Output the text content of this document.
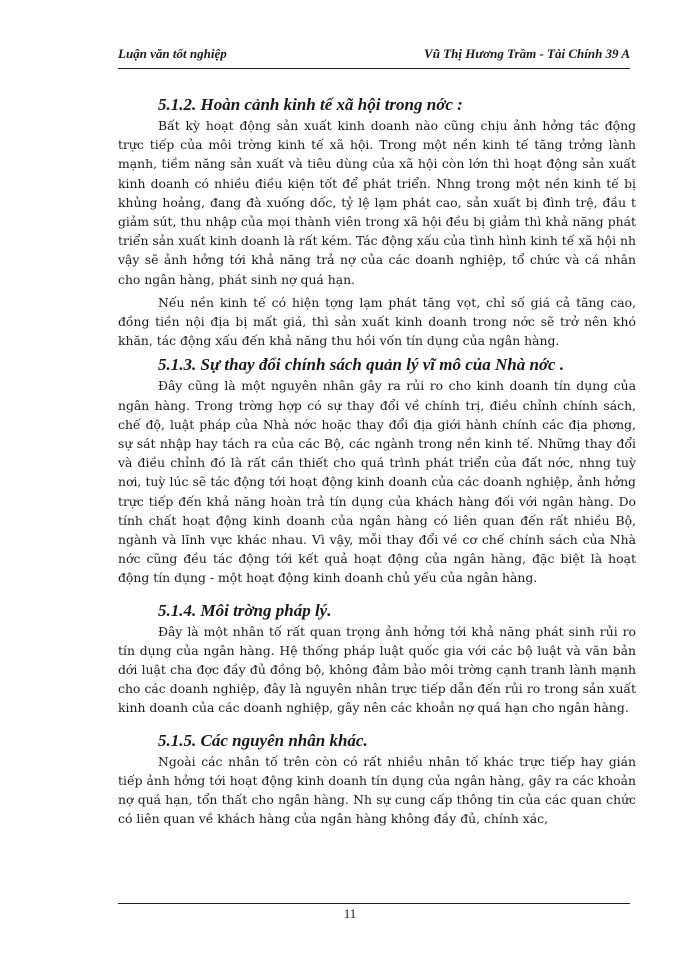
Luận văn tốt nghiệp	Vũ Thị Hương Trầm - Tài Chính 39 A
5.1.2. Hoàn cảnh kinh tế xã hội trong nớc :

Bất kỳ hoạt động sản xuất kinh doanh nào cũng chịu ảnh hởng tác động trực tiếp của môi trờng kinh tế xã hội. Trong một nền kinh tế tăng trởng lành mạnh, tiềm năng sản xuất và tiêu dùng của xã hội còn lớn thì hoạt động sản xuất kinh doanh có nhiều điều kiện tốt để phát triển. Nhng trong một nền kinh tế bị khủng hoảng, đang đà xuống dốc, tỷ lệ lạm phát cao, sản xuất bị đình trệ, đầu t giảm sút, thu nhập của mọi thành viên trong xã hội đều bị giảm thì khả năng phát triển sản xuất kinh doanh là rất kém. Tác động xấu của tình hình kinh tế xã hội nh vậy sẽ ảnh hởng tới khả năng trả nợ của các doanh nghiệp, tổ chức và cá nhân cho ngân hàng, phát sinh nợ quá hạn.

Nếu nền kinh tế có hiện tợng lạm phát tăng vọt, chỉ số giá cả tăng cao, đồng tiền nội địa bị mất giá, thì sản xuất kinh doanh trong nớc sẽ trở nên khó khăn, tác động xấu đến khả năng thu hồi vốn tín dụng của ngân hàng.

5.1.3. Sự thay đổi chính sách quản lý vĩ mô của Nhà nớc .

Đây cũng là một nguyên nhân gây ra rủi ro cho kinh doanh tín dụng của ngân hàng. Trong trờng hợp có sự thay đổi về chính trị, điều chỉnh chính sách, chế độ, luật pháp của Nhà nớc hoặc thay đổi địa giới hành chính các địa phơng, sự sát nhập hay tách ra của các Bộ, các ngành trong nền kinh tế. Những thay đổi và điều chỉnh đó là rất cần thiết cho quá trình phát triển của đất nớc, nhng tuỳ nơi, tuỳ lúc sẽ tác động tới hoạt động kinh doanh của các doanh nghiệp, ảnh hởng trực tiếp đến khả năng hoàn trả tín dụng của khách hàng đối với ngân hàng. Do tính chất hoạt động kinh doanh của ngân hàng có liên quan đến rất nhiều Bộ, ngành và lĩnh vực khác nhau. Vì vậy, mỗi thay đổi về cơ chế chính sách của Nhà nớc cũng đều tác động tới kết quả hoạt động của ngân hàng, đặc biệt là hoạt động tín dụng - một hoạt động kinh doanh chủ yếu của ngân hàng.

5.1.4. Môi trờng pháp lý.

Đây là một nhân tố rất quan trọng ảnh hởng tới khả năng phát sinh rủi ro tín dụng của ngân hàng. Hệ thống pháp luật quốc gia với các bộ luật và văn bản dới luật cha đợc đầy đủ đồng bộ, không đảm bảo môi trờng cạnh tranh lành mạnh cho các doanh nghiệp, đây là nguyên nhân trực tiếp dẫn đến rủi ro trong sản xuất kinh doanh của các doanh nghiệp, gây nên các khoản nợ quá hạn cho ngân hàng.

5.1.5. Các nguyên nhân khác.

Ngoài các nhân tố trên còn có rất nhiều nhân tố khác trực tiếp hay gián tiếp ảnh hởng tới hoạt động kinh doanh tín dụng của ngân hàng, gây ra các khoản nợ quá hạn, tổn thất cho ngân hàng. Nh sự cung cấp thông tin của các quan chức có liên quan về khách hàng của ngân hàng không đầy đủ, chính xác,

11
